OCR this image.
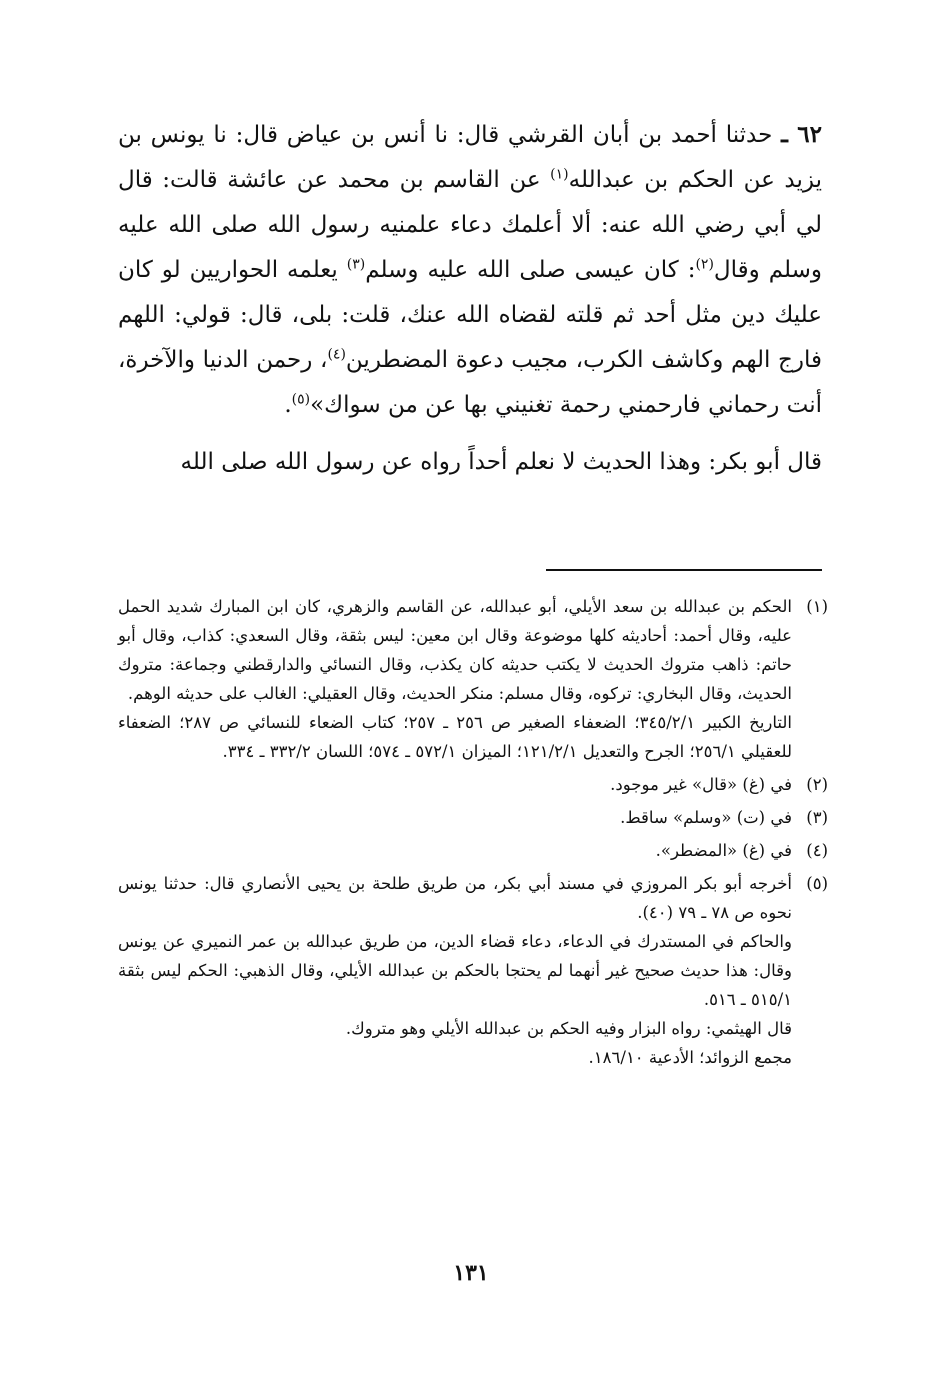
٦٢ ـ حدثنا أحمد بن أبان القرشي قال: نا أنس بن عياض قال: نا يونس بن يزيد عن الحكم بن عبدالله$^{(١)}$ عن القاسم بن محمد عن عائشة قالت: قال لي أبي رضي الله عنه: ألا أعلمك دعاء علمنيه رسول الله صلى الله عليه وسلم وقال$^{(٢)}$: كان عيسى صلى الله عليه وسلم$^{(٣)}$ يعلمه الحواريين لو كان عليك دين مثل أحد ثم قلته لقضاه الله عنك، قلت: بلى، قال: قولي: اللهم فارج الهم وكاشف الكرب، مجيب دعوة المضطرين$^{(٤)}$، رحمن الدنيا والآخرة، أنت رحماني فارحمني رحمة تغنيني بها عن من سواك»$^{(٥)}$.

قال أبو بكر: وهذا الحديث لا نعلم أحداً رواه عن رسول الله صلى الله

(١)
الحكم بن عبدالله بن سعد الأيلي، أبو عبدالله، عن القاسم والزهري، كان ابن المبارك شديد الحمل عليه، وقال أحمد: أحاديثه كلها موضوعة وقال ابن معين: ليس بثقة، وقال السعدي: كذاب، وقال أبو حاتم: ذاهب متروك الحديث لا يكتب حديثه كان يكذب، وقال النسائي والدارقطني وجماعة: متروك الحديث، وقال البخاري: تركوه، وقال مسلم: منكر الحديث، وقال العقيلي: الغالب على حديثه الوهم.
التاريخ الكبير ٣٤٥/٢/١؛ الضعفاء الصغير ص ٢٥٦ ـ ٢٥٧؛ كتاب الضعاء للنسائي ص ٢٨٧؛ الضعفاء للعقيلي ٢٥٦/١؛ الجرح والتعديل ١٢١/٢/١؛ الميزان ٥٧٢/١ ـ ٥٧٤؛ اللسان ٣٣٢/٢ ـ ٣٣٤.
(٢)
في (غ) «قال» غير موجود.
(٣)
في (ت) «وسلم» ساقط.
(٤)
في (غ) «المضطر».
(٥)
أخرجه أبو بكر المروزي في مسند أبي بكر، من طريق طلحة بن يحيى الأنصاري قال: حدثنا يونس نحوه ص ٧٨ ـ ٧٩ (٤٠).
والحاكم في المستدرك في الدعاء، دعاء قضاء الدين، من طريق عبدالله بن عمر النميري عن يونس وقال: هذا حديث صحيح غير أنهما لم يحتجا بالحكم بن عبدالله الأيلي، وقال الذهبي: الحكم ليس بثقة ٥١٥/١ ـ ٥١٦.
قال الهيثمي: رواه البزار وفيه الحكم بن عبدالله الأيلي وهو متروك.
مجمع الزوائد؛ الأدعية ١٨٦/١٠.
١٣١
